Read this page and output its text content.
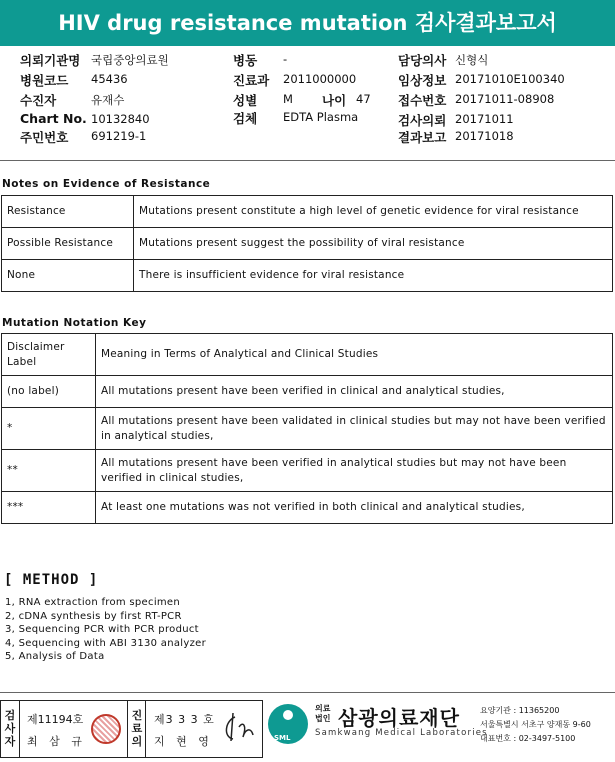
HIV drug resistance mutation 검사결과보고서
의뢰기관명 국립중앙의료원	병동 -	담당의사 신형식
병원코드 45436	진료과 2011000000	임상정보 20171010E100340
수진자	유재수	성별 M 나이 47 접수번호 20171011-08908
Chart No. 10132840	검체 EDTA Plasma	검사의뢰 20171011
주민번호 691219-1	결과보고 20171018
Notes on Evidence of Resistance
Resistance	Mutations present constitute a high level of genetic evidence for viral resistance
Possible Resistance	Mutations present suggest the possibility of viral resistance
None	There is insufficient evidence for viral resistance
Mutation Notation Key
Disclaimer Label	Meaning in Terms of Analytical and Clinical Studies
(no label)	All mutations present have been verified in clinical and analytical studies,
*	All mutations present have been validated in clinical studies but may not have been verified in analytical studies,
**	All mutations present have been verified in analytical studies but may not have been verified in clinical studies,
***	At least one mutations was not verified in both clinical and analytical studies,
[ METHOD ]
1, RNA extraction from specimen
2, cDNA synthesis by first RT-PCR
3, Sequencing PCR with PCR product
4, Sequencing with ABI 3130 analyzer
5, Analysis of Data
검
사
자
제11194호
최 삼 규
진
료
의
제3 3 3 호
지 현 영	SML
의료
법인 삼광의료재단
Samkwang Medical Laboratories
요양기관 : 11365200
서울특별시 서초구 양재동 9-60
대표번호 : 02-3497-5100
